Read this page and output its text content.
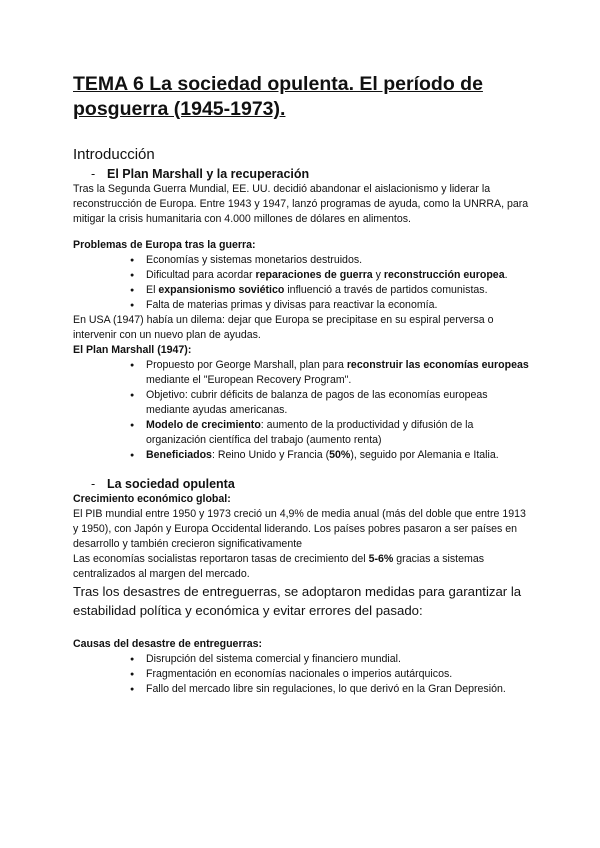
TEMA 6 La sociedad opulenta. El período de posguerra (1945-1973).
Introducción
- El Plan Marshall y la recuperación

Tras la Segunda Guerra Mundial, EE. UU. decidió abandonar el aislacionismo y liderar la reconstrucción de Europa. Entre 1943 y 1947, lanzó programas de ayuda, como la UNRRA, para mitigar la crisis humanitaria con 4.000 millones de dólares en alimentos.

Problemas de Europa tras la guerra:

● Economías y sistemas monetarios destruidos.
● Dificultad para acordar reparaciones de guerra y reconstrucción europea.
● El expansionismo soviético influenció a través de partidos comunistas.
● Falta de materias primas y divisas para reactivar la economía.

En USA (1947) había un dilema: dejar que Europa se precipitase en su espiral perversa o intervenir con un nuevo plan de ayudas.

El Plan Marshall (1947):

● Propuesto por George Marshall, plan para reconstruir las economías europeas mediante el "European Recovery Program".
● Objetivo: cubrir déficits de balanza de pagos de las economías europeas mediante ayudas americanas.
● Modelo de crecimiento: aumento de la productividad y difusión de la organización científica del trabajo (aumento renta)
● Beneficiados: Reino Unido y Francia (50%), seguido por Alemania e Italia.
- La sociedad opulenta

Crecimiento económico global:

El PIB mundial entre 1950 y 1973 creció un 4,9% de media anual (más del doble que entre 1913 y 1950), con Japón y Europa Occidental liderando. Los países pobres pasaron a ser países en desarrollo y también crecieron significativamente

Las economías socialistas reportaron tasas de crecimiento del 5-6% gracias a sistemas centralizados al margen del mercado.

Tras los desastres de entreguerras, se adoptaron medidas para garantizar la estabilidad política y económica y evitar errores del pasado:

Causas del desastre de entreguerras:

● Disrupción del sistema comercial y financiero mundial.
● Fragmentación en economías nacionales o imperios autárquicos.
● Fallo del mercado libre sin regulaciones, lo que derivó en la Gran Depresión.
